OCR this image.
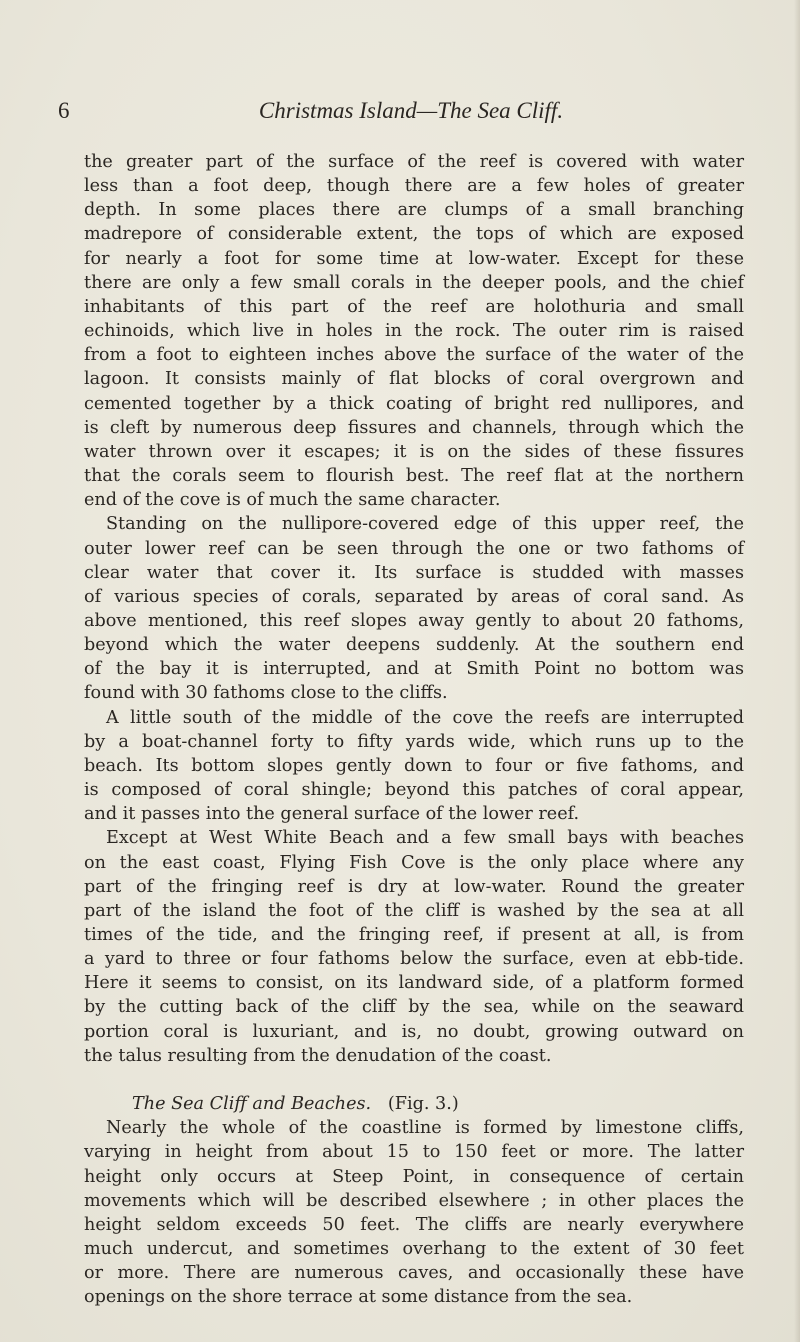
6	Christmas Island—The Sea Cliff.
the greater part of the surface of the reef is covered with water
less than a foot deep, though there are a few holes of greater
depth. In some places there are clumps of a small branching
madrepore of considerable extent, the tops of which are exposed
for nearly a foot for some time at low-water. Except for these
there are only a few small corals in the deeper pools, and the chief
inhabitants of this part of the reef are holothuria and small
echinoids, which live in holes in the rock. The outer rim is raised
from a foot to eighteen inches above the surface of the water of the
lagoon. It consists mainly of flat blocks of coral overgrown and
cemented together by a thick coating of bright red nullipores, and
is cleft by numerous deep fissures and channels, through which the
water thrown over it escapes; it is on the sides of these fissures
that the corals seem to flourish best. The reef flat at the northern
end of the cove is of much the same character.
Standing on the nullipore-covered edge of this upper reef, the
outer lower reef can be seen through the one or two fathoms of
clear water that cover it. Its surface is studded with masses
of various species of corals, separated by areas of coral sand. As
above mentioned, this reef slopes away gently to about 20 fathoms,
beyond which the water deepens suddenly. At the southern end
of the bay it is interrupted, and at Smith Point no bottom was
found with 30 fathoms close to the cliffs.
A little south of the middle of the cove the reefs are interrupted
by a boat-channel forty to fifty yards wide, which runs up to the
beach. Its bottom slopes gently down to four or five fathoms, and
is composed of coral shingle; beyond this patches of coral appear,
and it passes into the general surface of the lower reef.
Except at West White Beach and a few small bays with beaches
on the east coast, Flying Fish Cove is the only place where any
part of the fringing reef is dry at low-water. Round the greater
part of the island the foot of the cliff is washed by the sea at all
times of the tide, and the fringing reef, if present at all, is from
a yard to three or four fathoms below the surface, even at ebb-tide.
Here it seems to consist, on its landward side, of a platform formed
by the cutting back of the cliff by the sea, while on the seaward
portion coral is luxuriant, and is, no doubt, growing outward on
the talus resulting from the denudation of the coast.
The Sea Cliff and Beaches. (Fig. 3.)
Nearly the whole of the coastline is formed by limestone cliffs,
varying in height from about 15 to 150 feet or more. The latter
height only occurs at Steep Point, in consequence of certain
movements which will be described elsewhere ; in other places the
height seldom exceeds 50 feet. The cliffs are nearly everywhere
much undercut, and sometimes overhang to the extent of 30 feet
or more. There are numerous caves, and occasionally these have
openings on the shore terrace at some distance from the sea.
